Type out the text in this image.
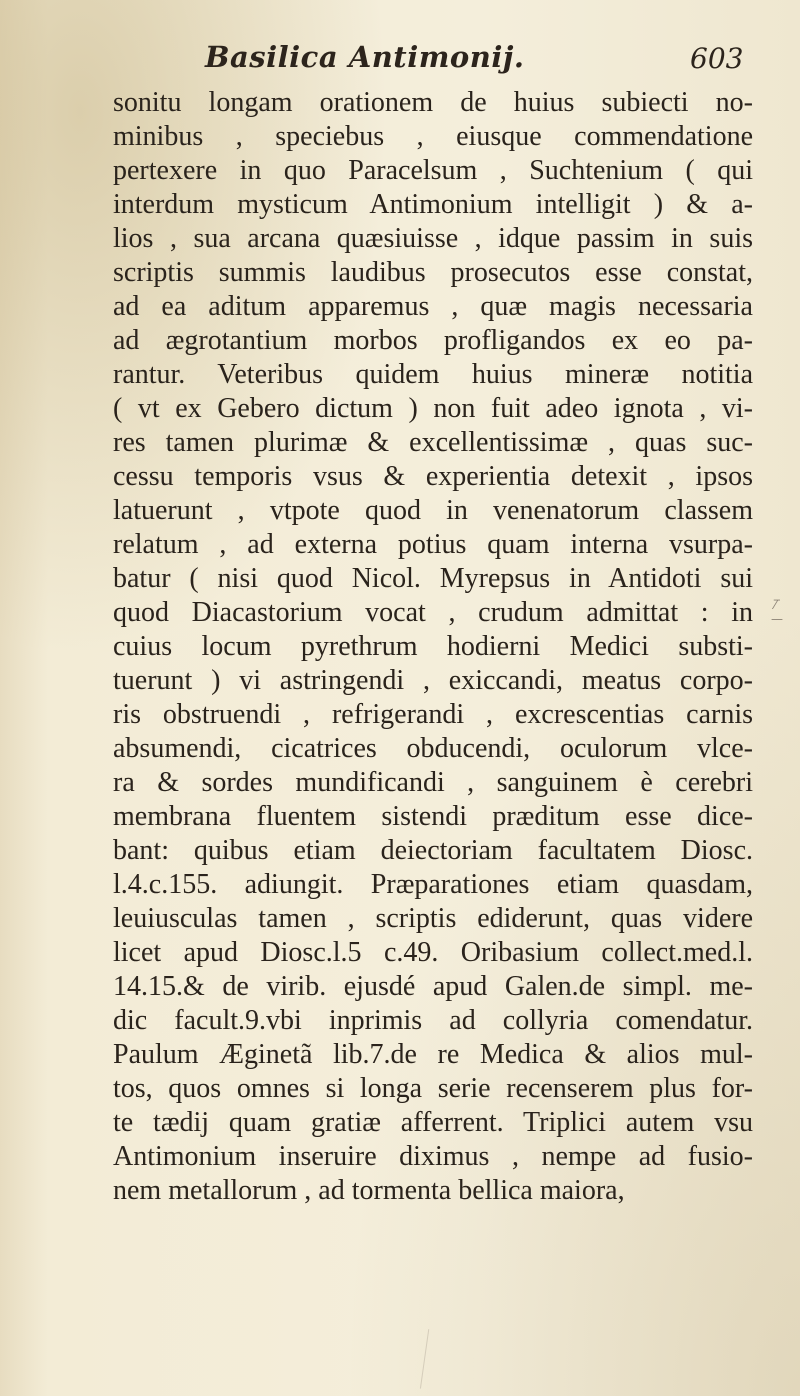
Basilica Antimonij.	603
sonitu longam orationem de huius subiecti no-
minibus , speciebus , eiusque commendatione
pertexere in quo Paracelsum , Suchtenium ( qui
interdum mysticum Antimonium intelligit ) & a-
lios , sua arcana quæsiuisse , idque passim in suis
scriptis summis laudibus prosecutos esse constat,
ad ea aditum apparemus , quæ magis necessaria
ad ægrotantium morbos profligandos ex eo pa-
rantur. Veteribus quidem huius mineræ notitia
( vt ex Gebero dictum ) non fuit adeo ignota , vi-
res tamen plurimæ & excellentissimæ , quas suc-
cessu temporis vsus & experientia detexit , ipsos
latuerunt , vtpote quod in venenatorum classem
relatum , ad externa potius quam interna vsurpa-
batur ( nisi quod Nicol. Myrepsus in Antidoti sui
quod Diacastorium vocat , crudum admittat : in
cuius locum pyrethrum hodierni Medici substi-
tuerunt ) vi astringendi , exiccandi, meatus corpo-
ris obstruendi , refrigerandi , excrescentias carnis
absumendi, cicatrices obducendi, oculorum vlce-
ra & sordes mundificandi , sanguinem è cerebri
membrana fluentem sistendi præditum esse dice-
bant: quibus etiam deiectoriam facultatem Diosc.
l.4.c.155. adiungit. Præparationes etiam quasdam,
leuiusculas tamen , scriptis ediderunt, quas videre
licet apud Diosc.l.5 c.49. Oribasium collect.med.l.
14.15.& de virib. ejusdé apud Galen.de simpl. me-
dic facult.9.vbi inprimis ad collyria comendatur.
Paulum Æginetã lib.7.de re Medica & alios mul-
tos, quos omnes si longa serie recenserem plus for-
te tædij quam gratiæ afferrent. Triplici autem vsu
Antimonium inseruire diximus , nempe ad fusio-
nem metallorum , ad tormenta bellica maiora,
⁄ ̅ —
